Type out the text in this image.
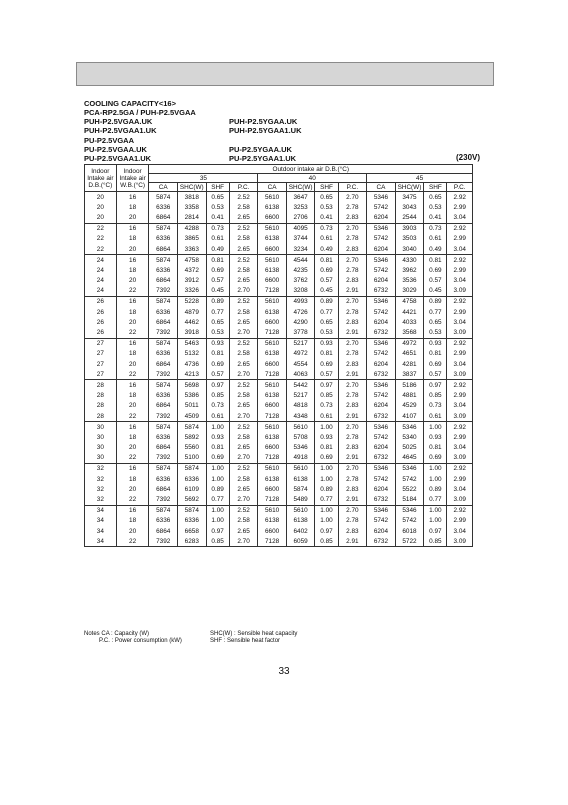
COOLING CAPACITY<16>
PCA-RP2.5GA / PUH-P2.5VGAA
PUH-P2.5VGAA.UK	PUH-P2.5YGAA.UK
PUH-P2.5VGAA1.UK	PUH-P2.5YGAA1.UK
PU-P2.5VGAA
PU-P2.5VGAA.UK	PU-P2.5YGAA.UK
PU-P2.5VGAA1.UK	PU-P2.5YGAA1.UK	(230V)
Indoor Intake air D.B.(°C)	Indoor Intake air W.B.(°C)	Outdoor intake air D.B.(°C)											
		35				40				45			
		CA	SHC(W)	SHF	P.C.	CA	SHC(W)	SHF	P.C.	CA	SHC(W)	SHF	P.C.
20	16	5874	3818	0.65	2.52	5610	3647	0.65	2.70	5346	3475	0.65	2.92
20	18	6336	3358	0.53	2.58	6138	3253	0.53	2.78	5742	3043	0.53	2.99
20	20	6864	2814	0.41	2.65	6600	2706	0.41	2.83	6204	2544	0.41	3.04
22	16	5874	4288	0.73	2.52	5610	4095	0.73	2.70	5346	3903	0.73	2.92
22	18	6336	3865	0.61	2.58	6138	3744	0.61	2.78	5742	3503	0.61	2.99
22	20	6864	3363	0.49	2.65	6600	3234	0.49	2.83	6204	3040	0.49	3.04
24	16	5874	4758	0.81	2.52	5610	4544	0.81	2.70	5346	4330	0.81	2.92
24	18	6336	4372	0.69	2.58	6138	4235	0.69	2.78	5742	3962	0.69	2.99
24	20	6864	3912	0.57	2.65	6600	3762	0.57	2.83	6204	3536	0.57	3.04
24	22	7392	3326	0.45	2.70	7128	3208	0.45	2.91	6732	3029	0.45	3.09
26	16	5874	5228	0.89	2.52	5610	4993	0.89	2.70	5346	4758	0.89	2.92
26	18	6336	4879	0.77	2.58	6138	4726	0.77	2.78	5742	4421	0.77	2.99
26	20	6864	4462	0.65	2.65	6600	4290	0.65	2.83	6204	4033	0.65	3.04
26	22	7392	3918	0.53	2.70	7128	3778	0.53	2.91	6732	3568	0.53	3.09
27	16	5874	5463	0.93	2.52	5610	5217	0.93	2.70	5346	4972	0.93	2.92
27	18	6336	5132	0.81	2.58	6138	4972	0.81	2.78	5742	4651	0.81	2.99
27	20	6864	4736	0.69	2.65	6600	4554	0.69	2.83	6204	4281	0.69	3.04
27	22	7392	4213	0.57	2.70	7128	4063	0.57	2.91	6732	3837	0.57	3.09
28	16	5874	5698	0.97	2.52	5610	5442	0.97	2.70	5346	5186	0.97	2.92
28	18	6336	5386	0.85	2.58	6138	5217	0.85	2.78	5742	4881	0.85	2.99
28	20	6864	5011	0.73	2.65	6600	4818	0.73	2.83	6204	4529	0.73	3.04
28	22	7392	4509	0.61	2.70	7128	4348	0.61	2.91	6732	4107	0.61	3.09
30	16	5874	5874	1.00	2.52	5610	5610	1.00	2.70	5346	5346	1.00	2.92
30	18	6336	5892	0.93	2.58	6138	5708	0.93	2.78	5742	5340	0.93	2.99
30	20	6864	5560	0.81	2.65	6600	5346	0.81	2.83	6204	5025	0.81	3.04
30	22	7392	5100	0.69	2.70	7128	4918	0.69	2.91	6732	4645	0.69	3.09
32	16	5874	5874	1.00	2.52	5610	5610	1.00	2.70	5346	5346	1.00	2.92
32	18	6336	6336	1.00	2.58	6138	6138	1.00	2.78	5742	5742	1.00	2.99
32	20	6864	6109	0.89	2.65	6600	5874	0.89	2.83	6204	5522	0.89	3.04
32	22	7392	5692	0.77	2.70	7128	5489	0.77	2.91	6732	5184	0.77	3.09
34	16	5874	5874	1.00	2.52	5610	5610	1.00	2.70	5346	5346	1.00	2.92
34	18	6336	6336	1.00	2.58	6138	6138	1.00	2.78	5742	5742	1.00	2.99
34	20	6864	6658	0.97	2.65	6600	6402	0.97	2.83	6204	6018	0.97	3.04
34	22	7392	6283	0.85	2.70	7128	6059	0.85	2.91	6732	5722	0.85	3.09
Notes CA : Capacity (W)	SHC(W) : Sensible heat capacity
P.C. : Power consumption (kW)	SHF : Sensible heat factor
33
